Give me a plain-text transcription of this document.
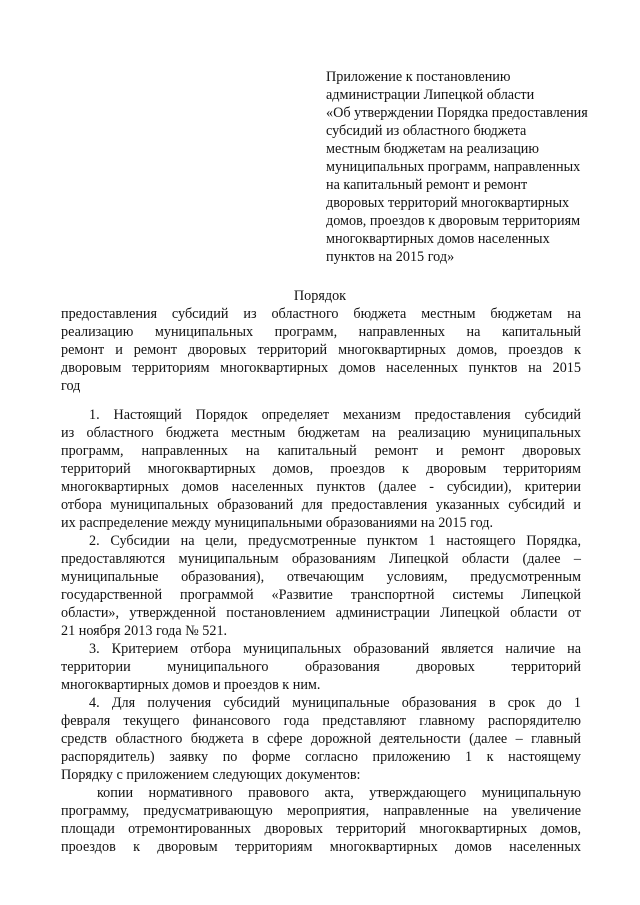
Приложение к постановлению
администрации Липецкой области
«Об утверждении Порядка предоставления
субсидий из областного бюджета
местным бюджетам на реализацию
муниципальных программ, направленных
на капитальный ремонт и ремонт
дворовых территорий многоквартирных
домов, проездов к дворовым территориям
многоквартирных домов населенных
пунктов на 2015 год»
Порядок
предоставления субсидий из областного бюджета местным бюджетам на
реализацию муниципальных программ, направленных на капитальный
ремонт и ремонт дворовых территорий многоквартирных домов, проездов к
дворовым территориям многоквартирных домов населенных пунктов на 2015
год
1. Настоящий Порядок определяет механизм предоставления субсидий
из областного бюджета местным бюджетам на реализацию муниципальных
программ, направленных на капитальный ремонт и ремонт дворовых
территорий многоквартирных домов, проездов к дворовым территориям
многоквартирных домов населенных пунктов (далее - субсидии), критерии
отбора муниципальных образований для предоставления указанных субсидий и
их распределение между муниципальными образованиями на 2015 год.
2. Субсидии на цели, предусмотренные пунктом 1 настоящего Порядка,
предоставляются муниципальным образованиям Липецкой области (далее –
муниципальные образования), отвечающим условиям, предусмотренным
государственной программой «Развитие транспортной системы Липецкой
области», утвержденной постановлением администрации Липецкой области от
21 ноября 2013 года № 521.
3. Критерием отбора муниципальных образований является наличие на
территории муниципального образования дворовых территорий
многоквартирных домов и проездов к ним.
4. Для получения субсидий муниципальные образования в срок до 1
февраля текущего финансового года представляют главному распорядителю
средств областного бюджета в сфере дорожной деятельности (далее – главный
распорядитель) заявку по форме согласно приложению 1 к настоящему
Порядку с приложением следующих документов:
копии нормативного правового акта, утверждающего муниципальную
программу, предусматривающую мероприятия, направленные на увеличение
площади отремонтированных дворовых территорий многоквартирных домов,
проездов к дворовым территориям многоквартирных домов населенных
